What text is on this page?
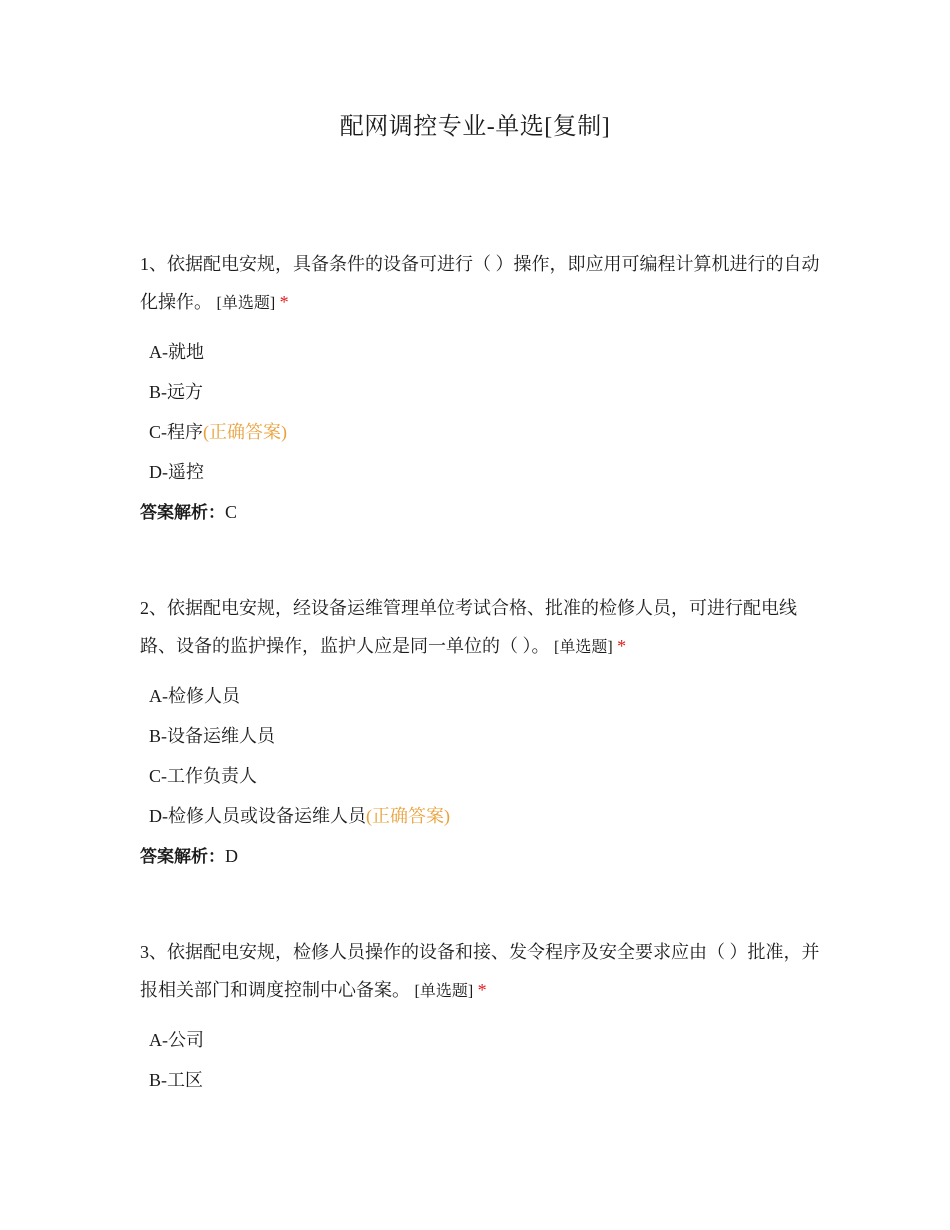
配网调控专业-单选[复制]

1、依据配电安规，具备条件的设备可进行（ ）操作，即应用可编程计算机进行的自动化操作。 [单选题] *

A-就地
B-远方
C-程序(正确答案)
D-遥控
答案解析：C

2、依据配电安规，经设备运维管理单位考试合格、批准的检修人员，可进行配电线路、设备的监护操作，监护人应是同一单位的（ ）。 [单选题] *

A-检修人员
B-设备运维人员
C-工作负责人
D-检修人员或设备运维人员(正确答案)
答案解析：D

3、依据配电安规，检修人员操作的设备和接、发令程序及安全要求应由（ ）批准，并报相关部门和调度控制中心备案。 [单选题] *

A-公司
B-工区
